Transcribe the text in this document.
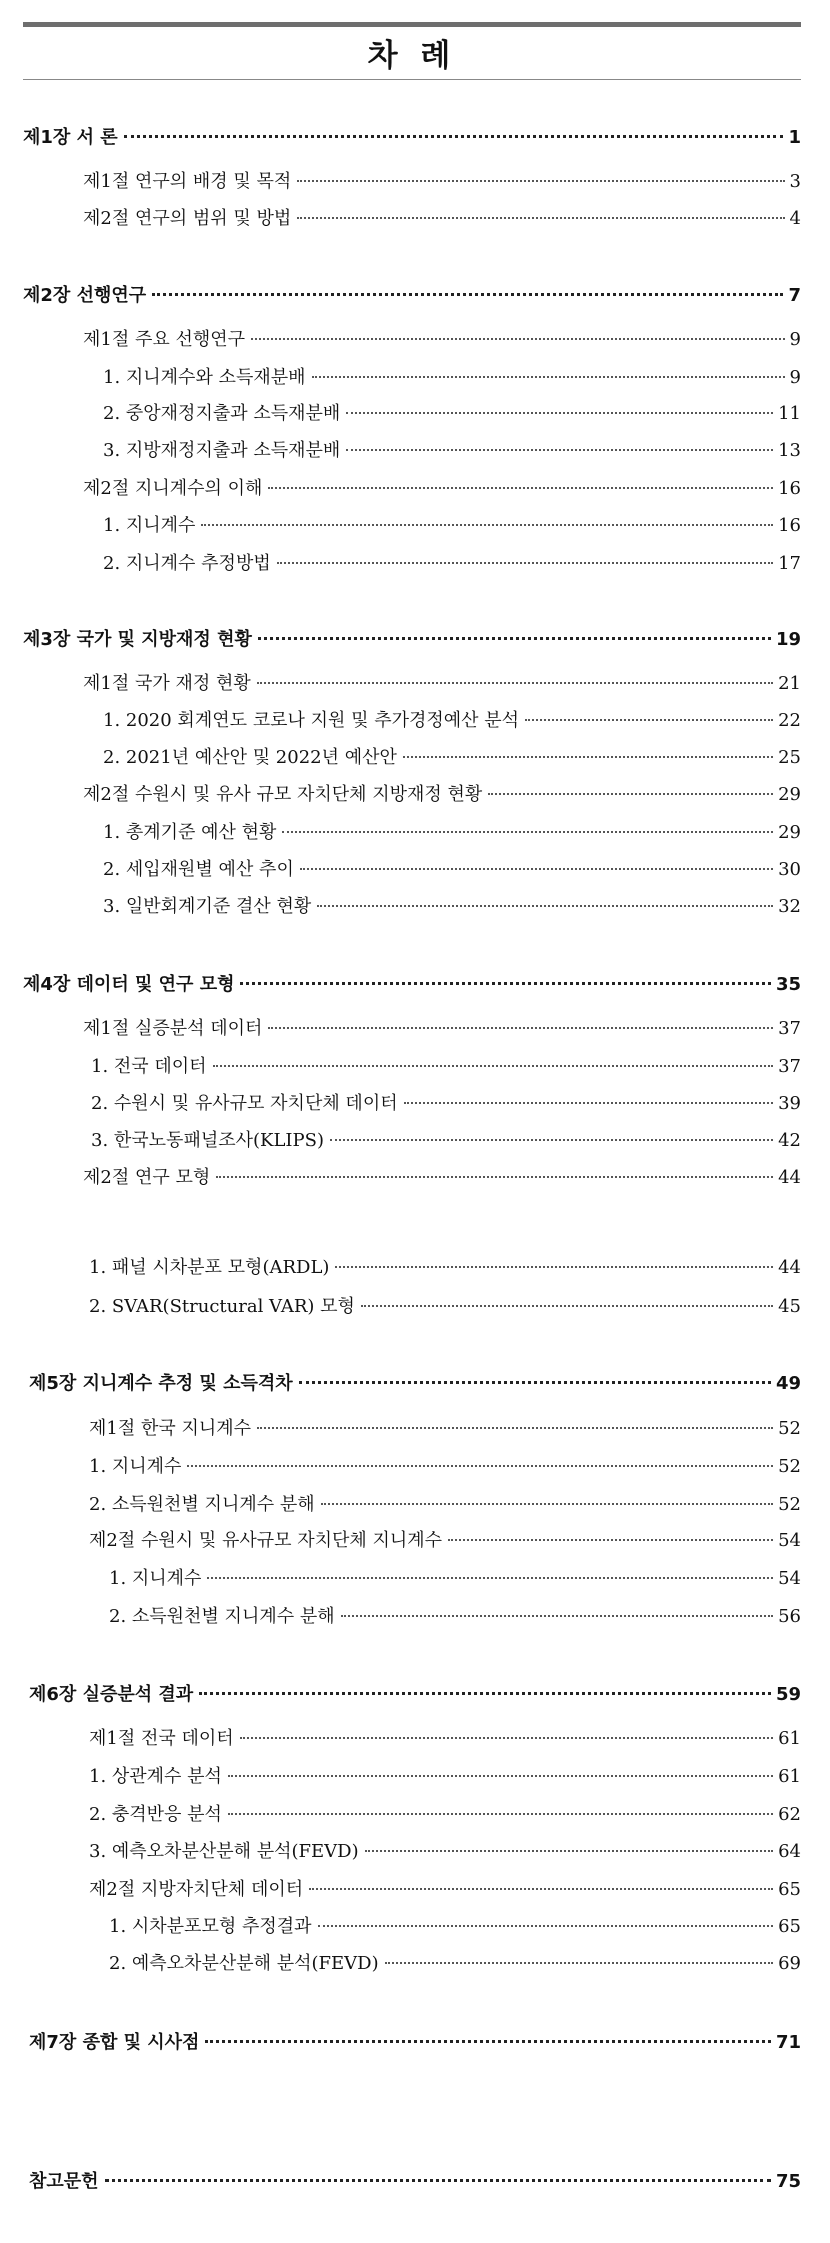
차 례
제1장 서 론	1
제1절 연구의 배경 및 목적	3
제2절 연구의 범위 및 방법	4
제2장 선행연구	7
제1절 주요 선행연구	9
1. 지니계수와 소득재분배	9
2. 중앙재정지출과 소득재분배	11
3. 지방재정지출과 소득재분배	13
제2절 지니계수의 이해	16
1. 지니계수	16
2. 지니계수 추정방법	17
제3장 국가 및 지방재정 현황	19
제1절 국가 재정 현황	21
1. 2020 회계연도 코로나 지원 및 추가경정예산 분석	22
2. 2021년 예산안 및 2022년 예산안	25
제2절 수원시 및 유사 규모 자치단체 지방재정 현황	29
1. 총계기준 예산 현황	29
2. 세입재원별 예산 추이	30
3. 일반회계기준 결산 현황	32
제4장 데이터 및 연구 모형	35
제1절 실증분석 데이터	37
1. 전국 데이터	37
2. 수원시 및 유사규모 자치단체 데이터	39
3. 한국노동패널조사(KLIPS)	42
제2절 연구 모형	44
1. 패널 시차분포 모형(ARDL)	44
2. SVAR(Structural VAR) 모형	45
제5장 지니계수 추정 및 소득격차	49
제1절 한국 지니계수	52
1. 지니계수	52
2. 소득원천별 지니계수 분해	52
제2절 수원시 및 유사규모 자치단체 지니계수	54
1. 지니계수	54
2. 소득원천별 지니계수 분해	56
제6장 실증분석 결과	59
제1절 전국 데이터	61
1. 상관계수 분석	61
2. 충격반응 분석	62
3. 예측오차분산분해 분석(FEVD)	64
제2절 지방자치단체 데이터	65
1. 시차분포모형 추정결과	65
2. 예측오차분산분해 분석(FEVD)	69
제7장 종합 및 시사점	71
참고문헌	75
